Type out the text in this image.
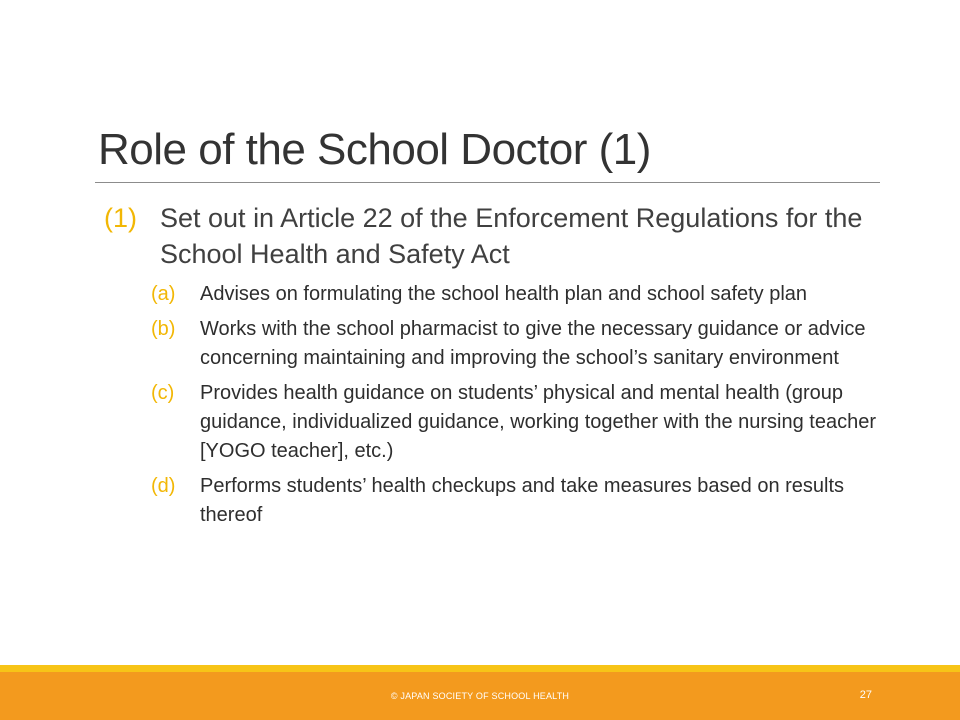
Role of the School Doctor (1)
(1) Set out in Article 22 of the Enforcement Regulations for the School Health and Safety Act
(a)	Advises on formulating the school health plan and school safety plan
(b)	Works with the school pharmacist to give the necessary guidance or advice concerning maintaining and improving the school’s sanitary environment
(c)	Provides health guidance on students’ physical and mental health (group guidance, individualized guidance, working together with the nursing teacher [YOGO teacher], etc.)
(d)	Performs students’ health checkups and take measures based on results thereof
© JAPAN SOCIETY OF SCHOOL HEALTH	27
